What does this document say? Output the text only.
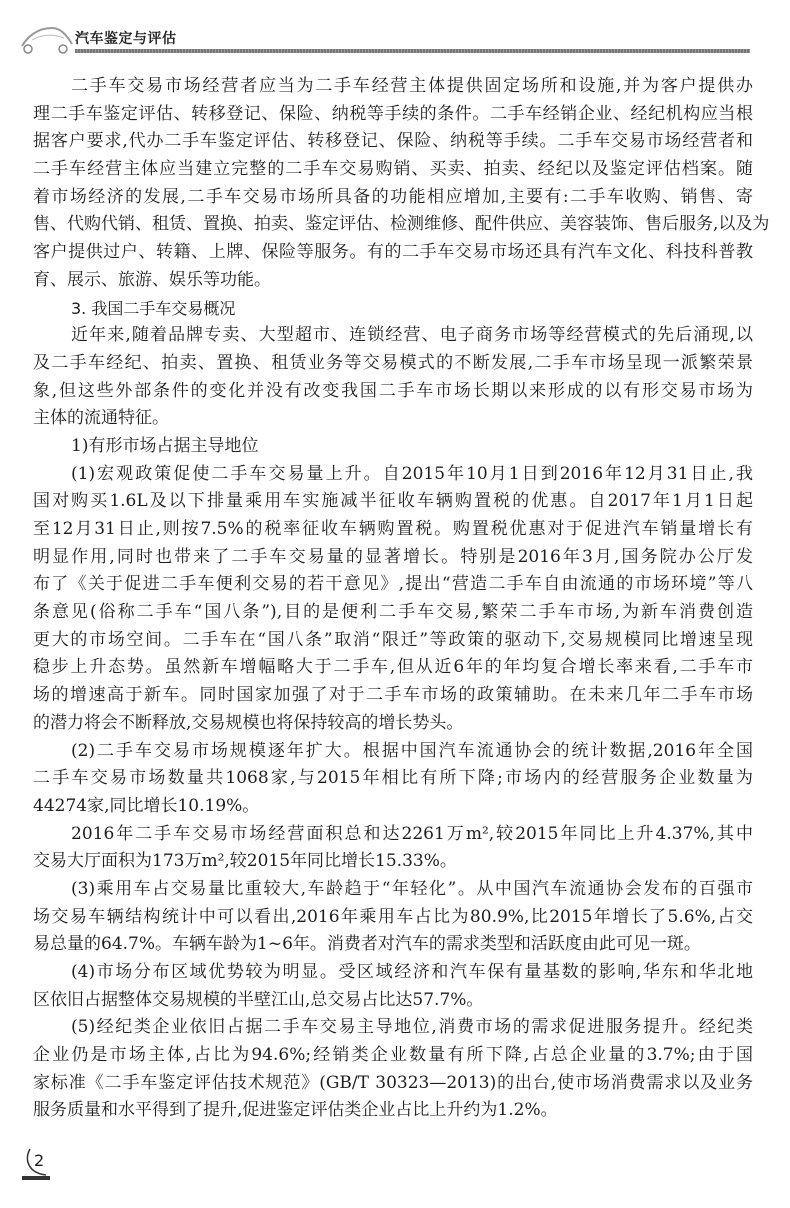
汽车鉴定与评估
二手车交易市场经营者应当为二手车经营主体提供固定场所和设施,并为客户提供办
理二手车鉴定评估、转移登记、保险、纳税等手续的条件。二手车经销企业、经纪机构应当根
据客户要求,代办二手车鉴定评估、转移登记、保险、纳税等手续。二手车交易市场经营者和
二手车经营主体应当建立完整的二手车交易购销、买卖、拍卖、经纪以及鉴定评估档案。随
着市场经济的发展,二手车交易市场所具备的功能相应增加,主要有:二手车收购、销售、寄
售、代购代销、租赁、置换、拍卖、鉴定评估、检测维修、配件供应、美容装饰、售后服务,以及为
客户提供过户、转籍、上牌、保险等服务。有的二手车交易市场还具有汽车文化、科技科普教
育、展示、旅游、娱乐等功能。
3. 我国二手车交易概况
近年来,随着品牌专卖、大型超市、连锁经营、电子商务市场等经营模式的先后涌现,以
及二手车经纪、拍卖、置换、租赁业务等交易模式的不断发展,二手车市场呈现一派繁荣景
象,但这些外部条件的变化并没有改变我国二手车市场长期以来形成的以有形交易市场为
主体的流通特征。
1)有形市场占据主导地位
(1)宏观政策促使二手车交易量上升。自2015年10月1日到2016年12月31日止,我
国对购买1.6L及以下排量乘用车实施减半征收车辆购置税的优惠。自2017年1月1日起
至12月31日止,则按7.5%的税率征收车辆购置税。购置税优惠对于促进汽车销量增长有
明显作用,同时也带来了二手车交易量的显著增长。特别是2016年3月,国务院办公厅发
布了《关于促进二手车便利交易的若干意见》,提出“营造二手车自由流通的市场环境”等八
条意见(俗称二手车“国八条”),目的是便利二手车交易,繁荣二手车市场,为新车消费创造
更大的市场空间。二手车在“国八条”取消“限迁”等政策的驱动下,交易规模同比增速呈现
稳步上升态势。虽然新车增幅略大于二手车,但从近6年的年均复合增长率来看,二手车市
场的增速高于新车。同时国家加强了对于二手车市场的政策辅助。在未来几年二手车市场
的潜力将会不断释放,交易规模也将保持较高的增长势头。
(2)二手车交易市场规模逐年扩大。根据中国汽车流通协会的统计数据,2016年全国
二手车交易市场数量共1068家,与2015年相比有所下降;市场内的经营服务企业数量为
44274家,同比增长10.19%。
2016年二手车交易市场经营面积总和达2261万m²,较2015年同比上升4.37%,其中
交易大厅面积为173万m²,较2015年同比增长15.33%。
(3)乘用车占交易量比重较大,车龄趋于“年轻化”。从中国汽车流通协会发布的百强市
场交易车辆结构统计中可以看出,2016年乘用车占比为80.9%,比2015年增长了5.6%,占交
易总量的64.7%。车辆车龄为1~6年。消费者对汽车的需求类型和活跃度由此可见一斑。
(4)市场分布区域优势较为明显。受区域经济和汽车保有量基数的影响,华东和华北地
区依旧占据整体交易规模的半壁江山,总交易占比达57.7%。
(5)经纪类企业依旧占据二手车交易主导地位,消费市场的需求促进服务提升。经纪类
企业仍是市场主体,占比为94.6%;经销类企业数量有所下降,占总企业量的3.7%;由于国
家标准《二手车鉴定评估技术规范》(GB/T 30323—2013)的出台,使市场消费需求以及业务
服务质量和水平得到了提升,促进鉴定评估类企业占比上升约为1.2%。
2
